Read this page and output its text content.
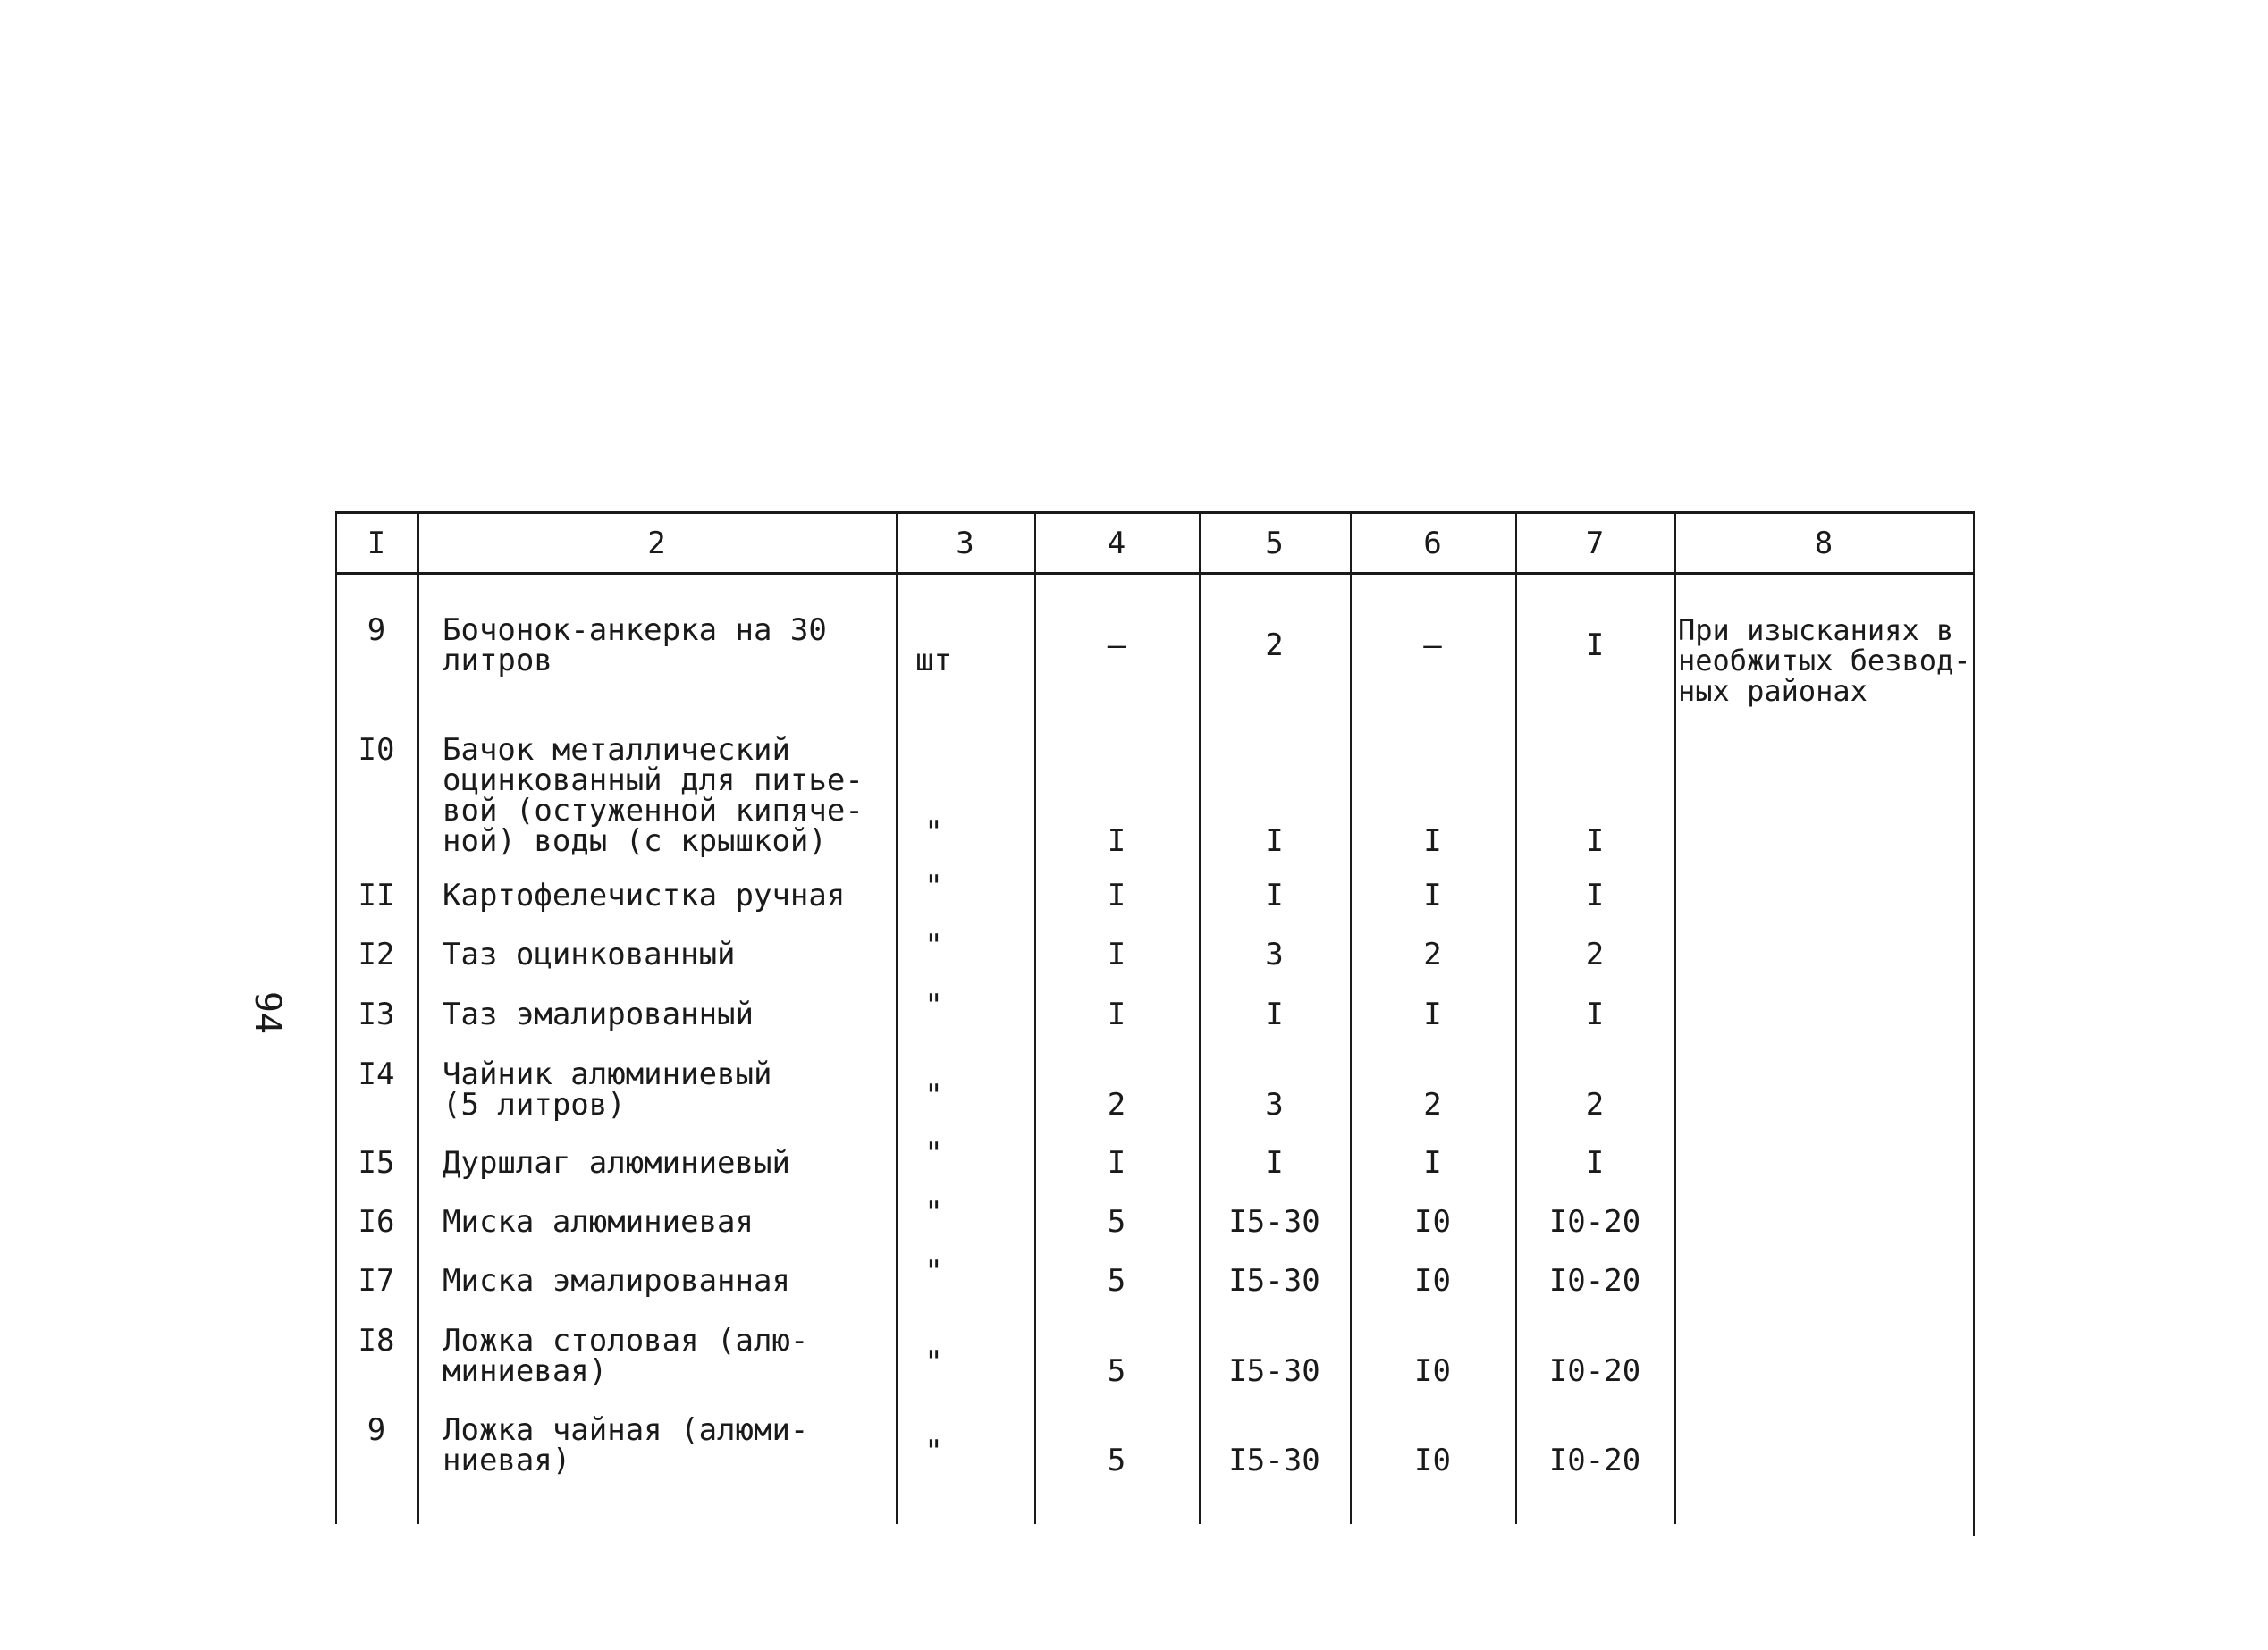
94
I	2	3	4	5	6	7	8
9	Бочонок-анкерка на 30
литров	шт	–	2	–	I	При изысканиях в
необжитых безвод-
ных районах
I0	Бачок металлический
оцинкованный для питье-
вой (остуженной кипяче-
ной) воды (с крышкой)	"	I	I	I	I
II	Картофелечистка ручная	"	I	I	I	I
I2	Таз оцинкованный	"	I	3	2	2
I3	Таз эмалированный	"	I	I	I	I
I4	Чайник алюминиевый
(5 литров)	"	2	3	2	2
I5	Дуршлаг алюминиевый	"	I	I	I	I
I6	Миска алюминиевая	"	5	I5-30	I0	I0-20
I7	Миска эмалированная	"	5	I5-30	I0	I0-20
I8	Ложка столовая (алю-
миниевая)	"	5	I5-30	I0	I0-20
9	Ложка чайная (алюми-
ниевая)	"	5	I5-30	I0	I0-20
